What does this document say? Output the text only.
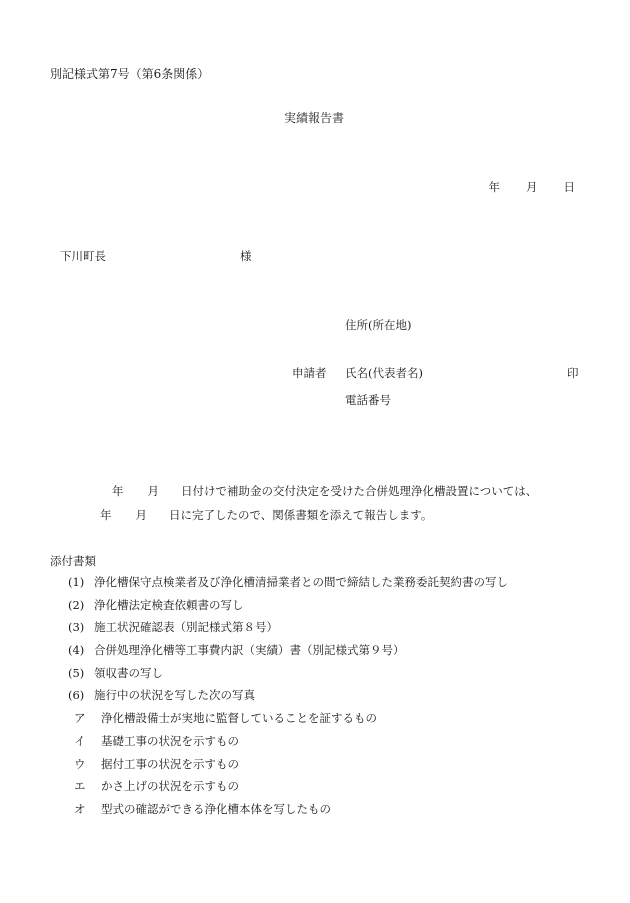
別記様式第7号（第6条関係）
実績報告書
年 月 日
下川町長	様
住所(所在地)
申請者 氏名(代表者名)	印
電話番号
年 月 日付けで補助金の交付決定を受けた合併処理浄化槽設置については、
年 月 日に完了したので、関係書類を添えて報告します。
添付書類
(1) 浄化槽保守点検業者及び浄化槽清掃業者との間で締結した業務委託契約書の写し
(2) 浄化槽法定検査依頼書の写し
(3) 施工状況確認表（別記様式第８号）
(4) 合併処理浄化槽等工事費内訳（実績）書（別記様式第９号）
(5) 領収書の写し
(6) 施行中の状況を写した次の写真
ア 浄化槽設備士が実地に監督していることを証するもの
イ 基礎工事の状況を示すもの
ウ 据付工事の状況を示すもの
エ かさ上げの状況を示すもの
オ 型式の確認ができる浄化槽本体を写したもの
